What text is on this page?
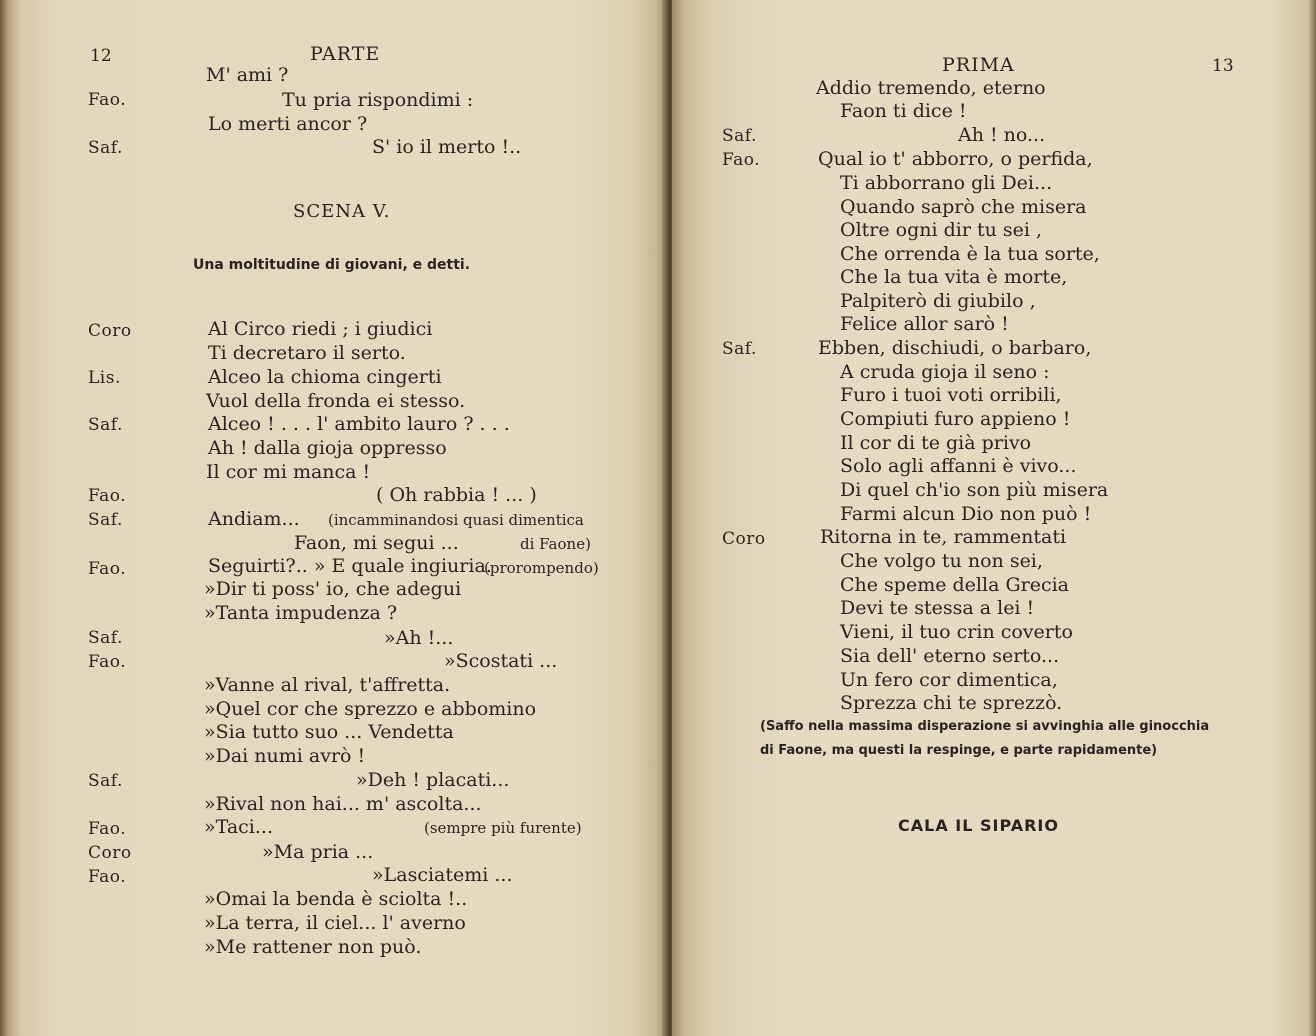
12	PARTE
M' ami ?
Fao.	Tu pria rispondimi :
Lo merti ancor ?
Saf.	S' io il merto !..
SCENA V.
Una moltitudine di giovani, e detti.
Coro	Al Circo riedi ; i giudici
Ti decretaro il serto.
Lis.	Alceo la chioma cingerti
Vuol della fronda ei stesso.
Saf.	Alceo ! . . . l' ambito lauro ? . . .
Ah ! dalla gioja oppresso
Il cor mi manca !
Fao.	( Oh rabbia ! ... )
Saf.	Andiam... (incamminandosi quasi dimentica
Faon, mi segui ...	di Faone)
Fao.	Seguirti?.. » E quale ingiuria.
(prorompendo)
»Dir ti poss' io, che adegui
»Tanta impudenza ?
Saf.	»Ah !...
Fao.	»Scostati ...
»Vanne al rival, t'affretta.
»Quel cor che sprezzo e abbomino
»Sia tutto suo ... Vendetta
»Dai numi avrò !
Saf.	»Deh ! placati...
»Rival non hai... m' ascolta...
Fao.	»Taci...	(sempre più furente)
Coro	»Ma pria ...
Fao.	»Lasciatemi ...
»Omai la benda è sciolta !..
»La terra, il ciel... l' averno
»Me rattener non può.
PRIMA	13
Addio tremendo, eterno
Faon ti dice !
Saf.	Ah ! no...
Fao.	Qual io t' abborro, o perfida,
Ti abborrano gli Dei...
Quando saprò che misera
Oltre ogni dir tu sei ,
Che orrenda è la tua sorte,
Che la tua vita è morte,
Palpiterò di giubilo ,
Felice allor sarò !
Saf.	Ebben, dischiudi, o barbaro,
A cruda gioja il seno :
Furo i tuoi voti orribili,
Compiuti furo appieno !
Il cor di te già privo
Solo agli affanni è vivo...
Di quel ch'io son più misera
Farmi alcun Dio non può !
Coro	Ritorna in te, rammentati
Che volgo tu non sei,
Che speme della Grecia
Devi te stessa a lei !
Vieni, il tuo crin coverto
Sia dell' eterno serto...
Un fero cor dimentica,
Sprezza chi te sprezzò.
(Saffo nella massima disperazione si avvinghia alle ginocchia
di Faone, ma questi la respinge, e parte rapidamente)
CALA IL SIPARIO
